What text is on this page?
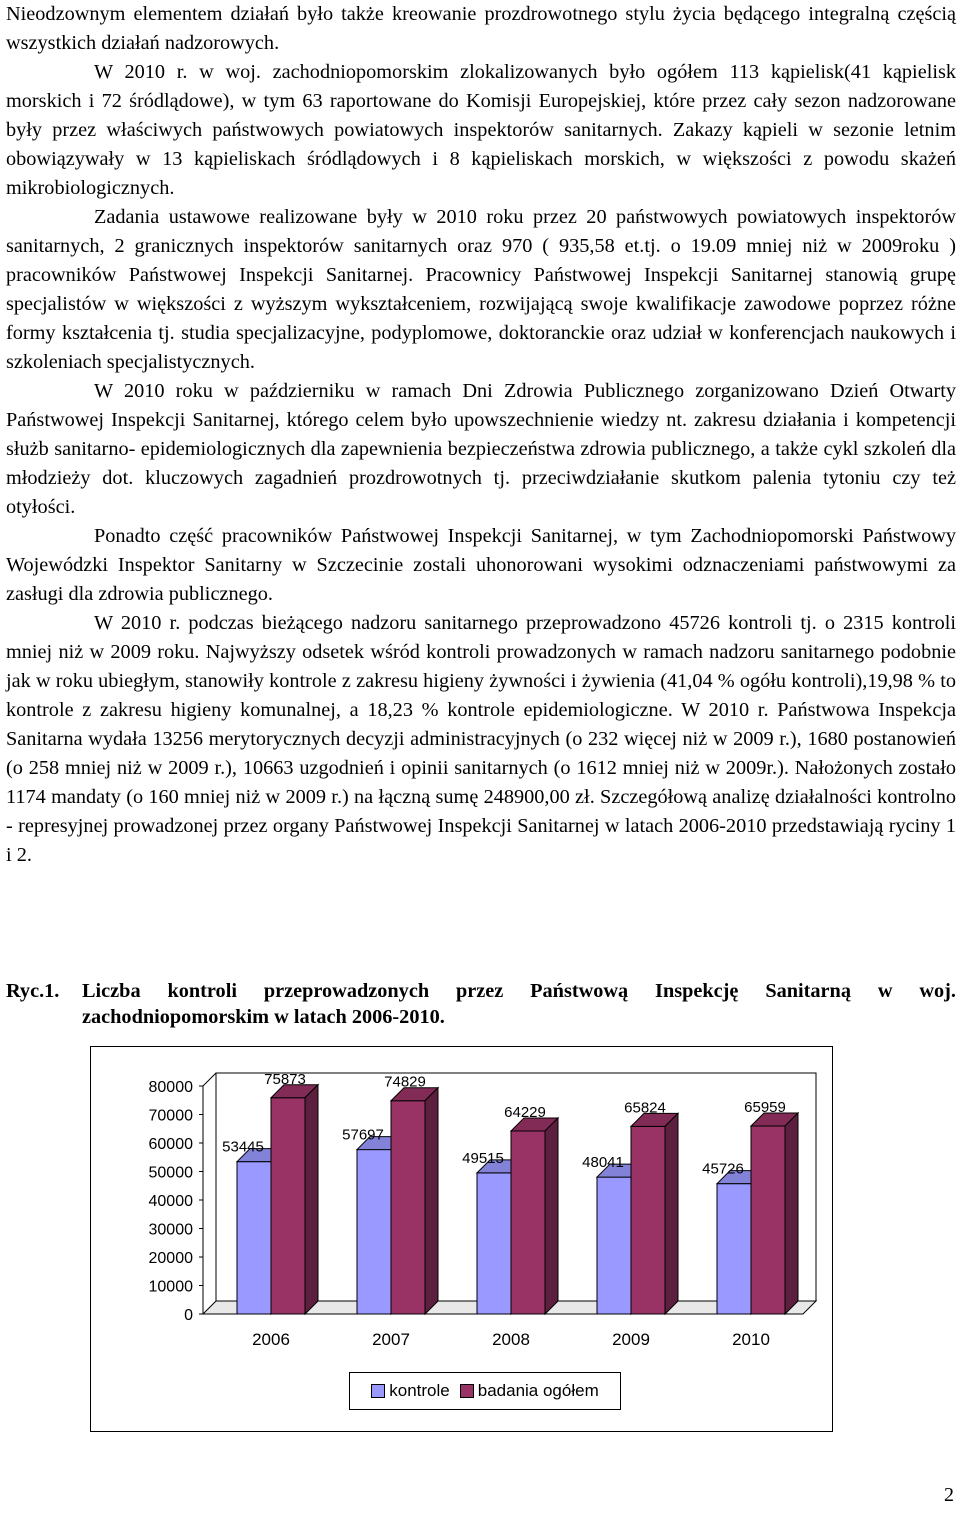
Nieodzownym elementem działań było także kreowanie prozdrowotnego stylu życia będącego integralną częścią wszystkich działań nadzorowych.

W 2010 r. w woj. zachodniopomorskim zlokalizowanych było ogółem 113 kąpielisk(41 kąpielisk morskich i 72 śródlądowe), w tym 63 raportowane do Komisji Europejskiej, które przez cały sezon nadzorowane były przez właściwych państwowych powiatowych inspektorów sanitarnych. Zakazy kąpieli w sezonie letnim obowiązywały w 13 kąpieliskach śródlądowych i 8 kąpieliskach morskich, w większości z powodu skażeń mikrobiologicznych.

Zadania ustawowe realizowane były w 2010 roku przez 20 państwowych powiatowych inspektorów sanitarnych, 2 granicznych inspektorów sanitarnych oraz 970 ( 935,58 et.tj. o 19.09 mniej niż w 2009roku ) pracowników Państwowej Inspekcji Sanitarnej. Pracownicy Państwowej Inspekcji Sanitarnej stanowią grupę specjalistów w większości z wyższym wykształceniem, rozwijającą swoje kwalifikacje zawodowe poprzez różne formy kształcenia tj. studia specjalizacyjne, podyplomowe, doktoranckie oraz udział w konferencjach naukowych i szkoleniach specjalistycznych.

W 2010 roku w październiku w ramach Dni Zdrowia Publicznego zorganizowano Dzień Otwarty Państwowej Inspekcji Sanitarnej, którego celem było upowszechnienie wiedzy nt. zakresu działania i kompetencji służb sanitarno- epidemiologicznych dla zapewnienia bezpieczeństwa zdrowia publicznego, a także cykl szkoleń dla młodzieży dot. kluczowych zagadnień prozdrowotnych tj. przeciwdziałanie skutkom palenia tytoniu czy też otyłości.

Ponadto część pracowników Państwowej Inspekcji Sanitarnej, w tym Zachodniopomorski Państwowy Wojewódzki Inspektor Sanitarny w Szczecinie zostali uhonorowani wysokimi odznaczeniami państwowymi za zasługi dla zdrowia publicznego.

W 2010 r. podczas bieżącego nadzoru sanitarnego przeprowadzono 45726 kontroli tj. o 2315 kontroli mniej niż w 2009 roku. Najwyższy odsetek wśród kontroli prowadzonych w ramach nadzoru sanitarnego podobnie jak w roku ubiegłym, stanowiły kontrole z zakresu higieny żywności i żywienia (41,04 % ogółu kontroli),19,98 % to kontrole z zakresu higieny komunalnej, a 18,23 % kontrole epidemiologiczne. W 2010 r. Państwowa Inspekcja Sanitarna wydała 13256 merytorycznych decyzji administracyjnych (o 232 więcej niż w 2009 r.), 1680 postanowień (o 258 mniej niż w 2009 r.), 10663 uzgodnień i opinii sanitarnych (o 1612 mniej niż w 2009r.). Nałożonych zostało 1174 mandaty (o 160 mniej niż w 2009 r.) na łączną sumę 248900,00 zł. Szczegółową analizę działalności kontrolno - represyjnej prowadzonej przez organy Państwowej Inspekcji Sanitarnej w latach 2006-2010 przedstawiają ryciny 1 i 2.

Ryc.1. Liczba kontroli przeprowadzonych przez Państwową Inspekcję Sanitarną w woj. zachodniopomorskim w latach 2006-2010.
80000
70000
60000
50000
40000
30000
20000
10000
0
53445
75873
2006
57697
74829
2007
49515
64229
2008
48041
65824
2009
45726
65959
2010
kontrole badania ogółem
2
